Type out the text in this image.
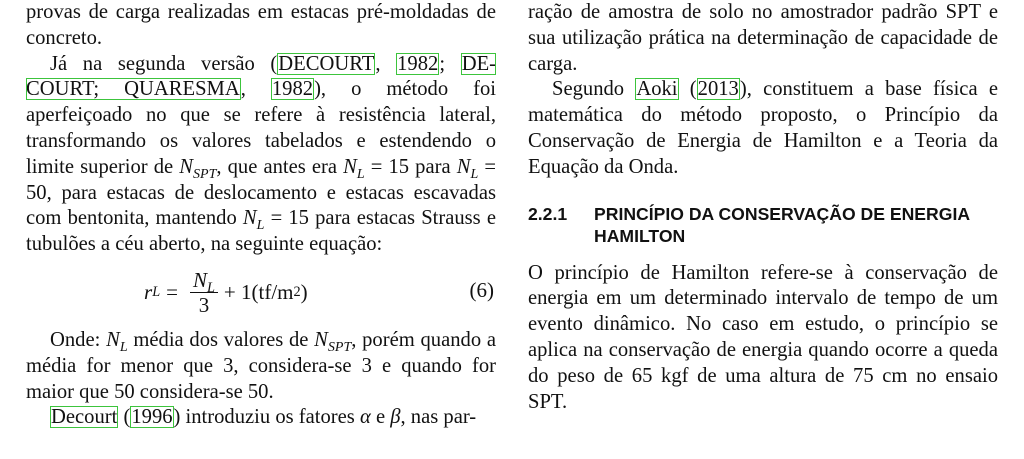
provas de carga realizadas em estacas pré-moldadas de concreto.

Já na segunda versão (DECOURT, 1982; DE- COURT; QUARESMA, 1982), o método foi aperfeiçoado no que se refere à resistência lateral, transformando os valores tabelados e estendendo o limite superior de $N_{SPT}$, que antes era $N_L = 15$ para $N_L = 50$, para estacas de deslocamento e estacas escavadas com bentonita, mantendo $N_L = 15$ para estacas Strauss e tubulões a céu aberto, na seguinte equação:

r $L = \frac{N_L}{3} + 1(tf/m$ 2 )	(6)

Onde: $N_L$ média dos valores de $N_{SPT}$, porém quando a média for menor que 3, considera-se 3 e quando for maior que 50 considera-se 50.

Decourt (1996) introduziu os fatores α e β, nas par-

ração de amostra de solo no amostrador padrão SPT e sua utilização prática na determinação de capacidade de carga.

Segundo Aoki (2013), constituem a base física e matemática do método proposto, o Princípio da Conservação de Energia de Hamilton e a Teoria da Equação da Onda.

2.2.1	PRINCÍPIO DA CONSERVAÇÃO DE ENERGIA HAMILTON

O princípio de Hamilton refere-se à conservação de energia em um determinado intervalo de tempo de um evento dinâmico. No caso em estudo, o princípio se aplica na conservação de energia quando ocorre a queda do peso de 65 kgf de uma altura de 75 cm no ensaio SPT.
